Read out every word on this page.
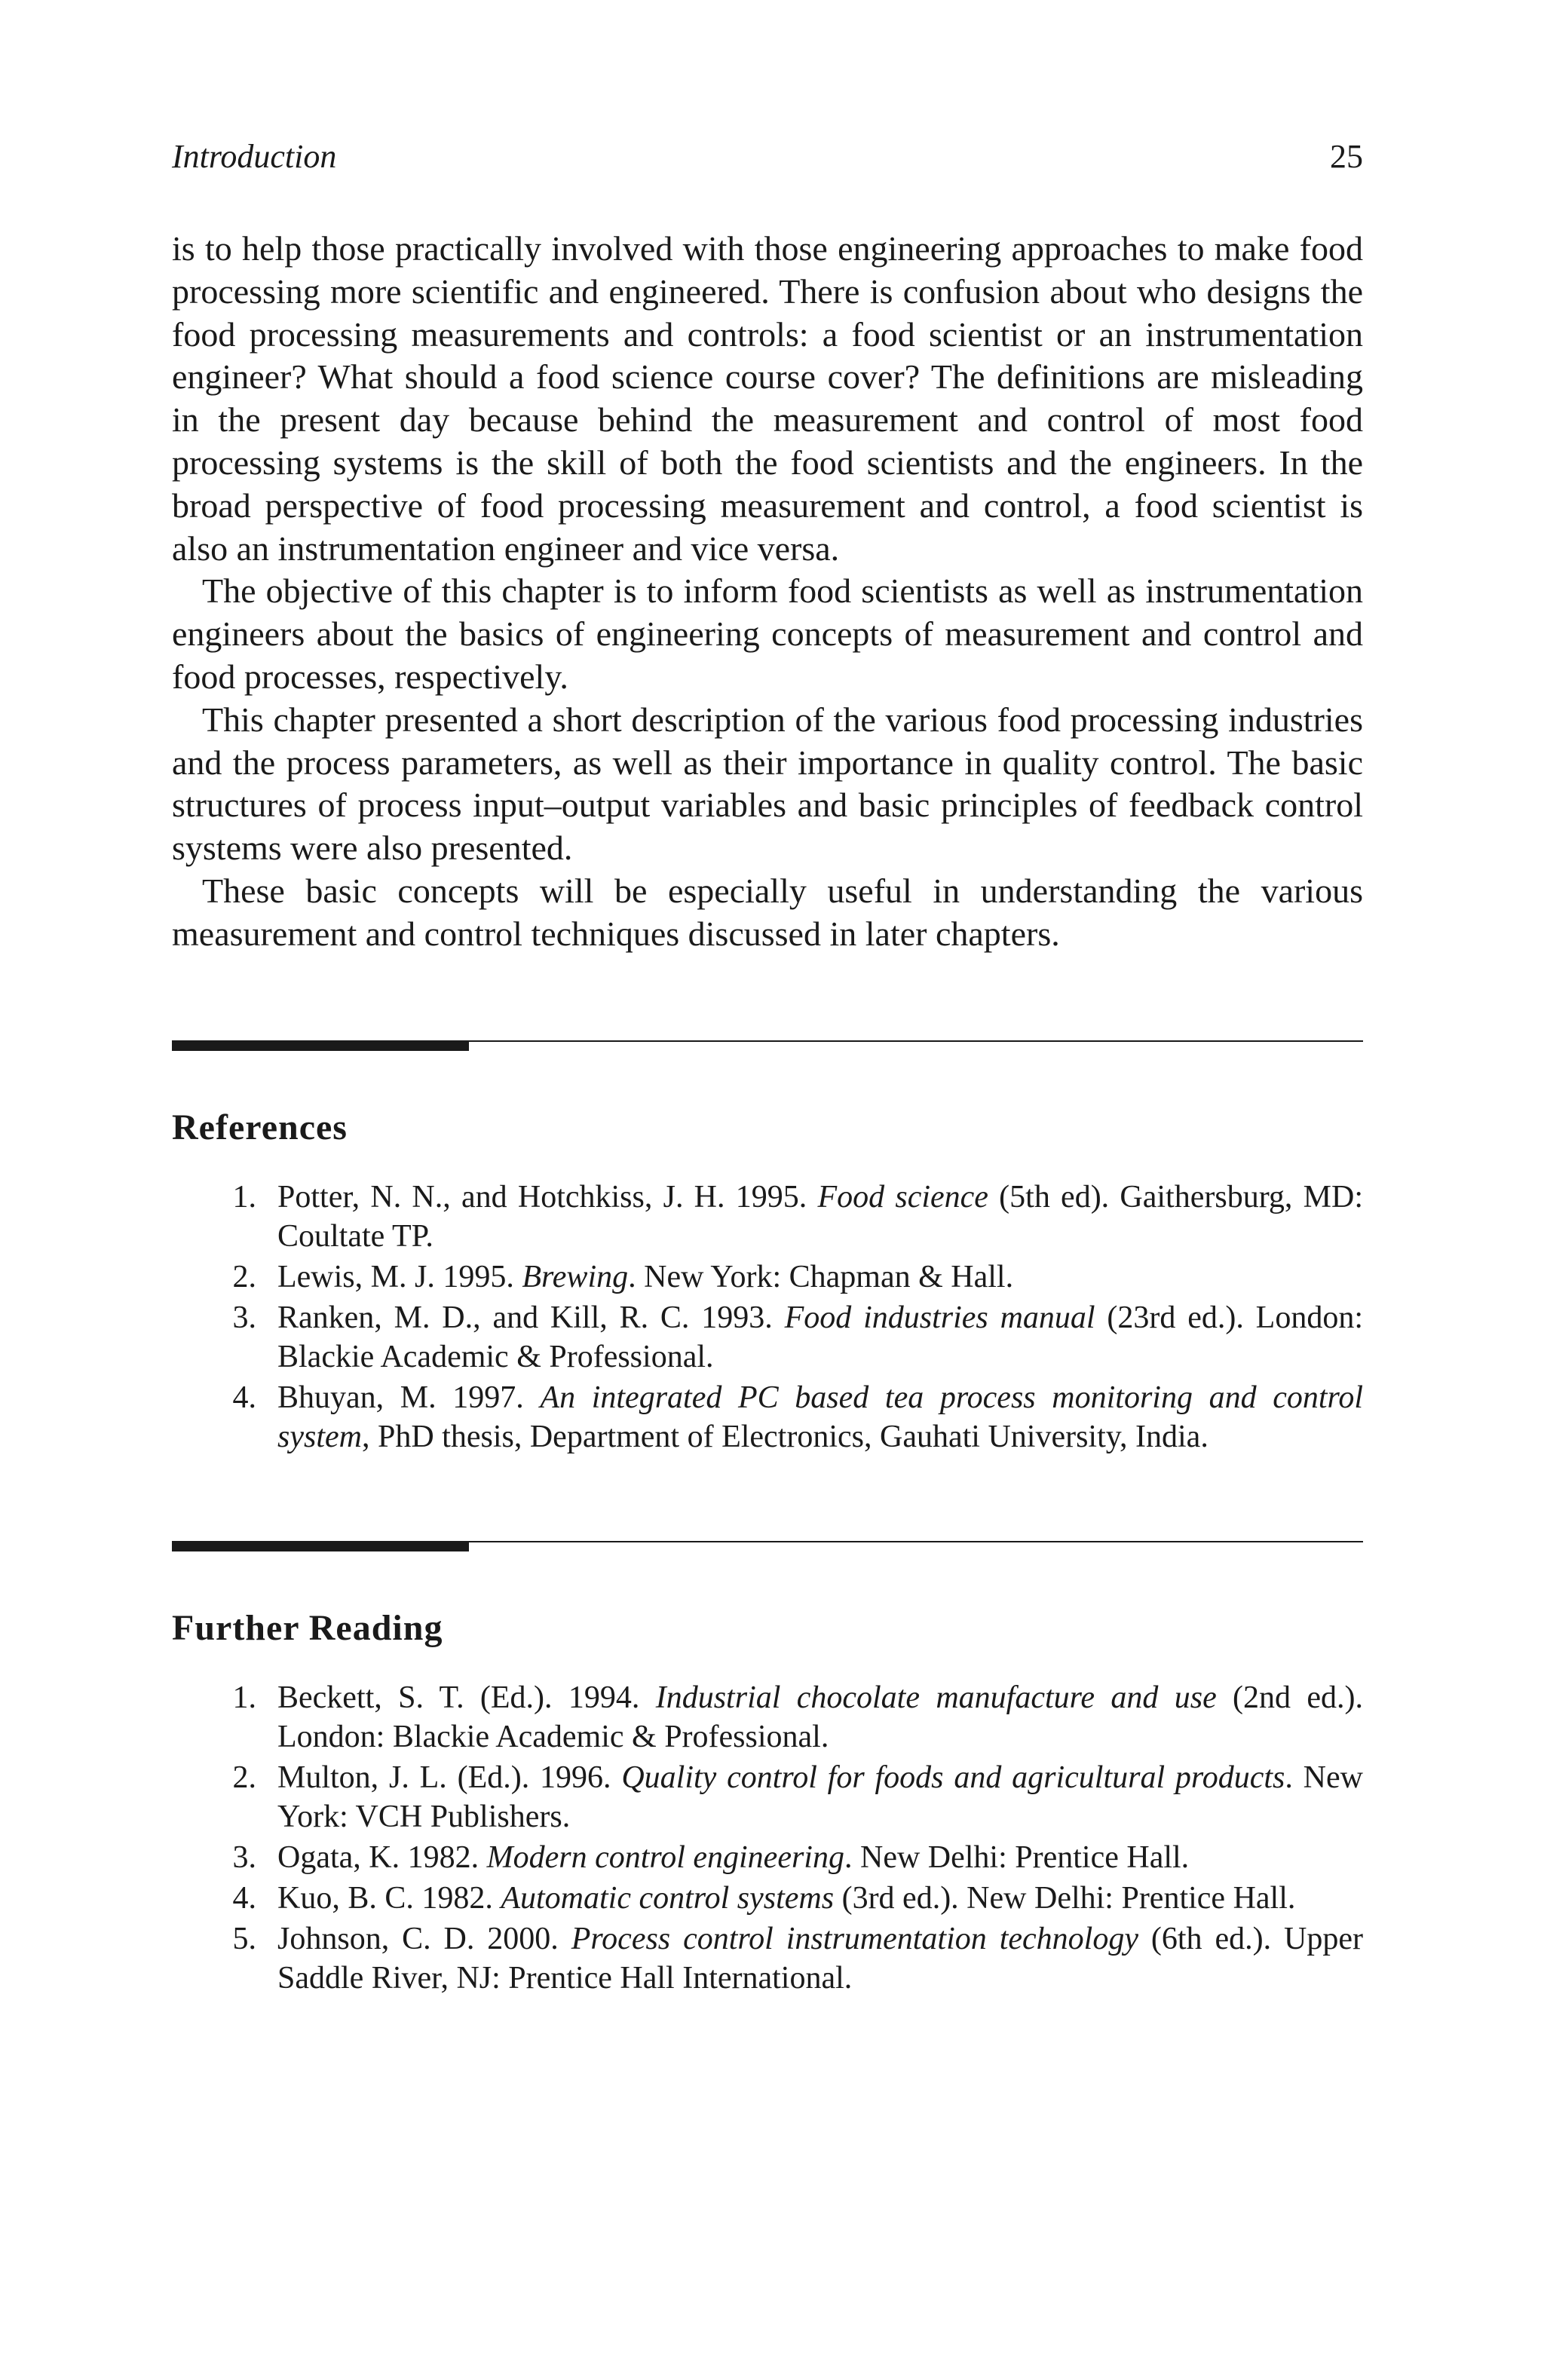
Introduction	25

is to help those practically involved with those engineering approaches to make food processing more scientific and engineered. There is confusion about who designs the food processing measurements and controls: a food scientist or an instrumentation engineer? What should a food science course cover? The definitions are misleading in the present day because behind the measurement and control of most food processing systems is the skill of both the food scientists and the engineers. In the broad perspective of food processing measurement and control, a food scientist is also an instrumentation engineer and vice versa.

The objective of this chapter is to inform food scientists as well as instrumentation engineers about the basics of engineering concepts of measurement and control and food processes, respectively.

This chapter presented a short description of the various food processing industries and the process parameters, as well as their importance in quality control. The basic structures of process input–output variables and basic principles of feedback control systems were also presented.

These basic concepts will be especially useful in understanding the various measurement and control techniques discussed in later chapters.

References
1. Potter, N. N., and Hotchkiss, J. H. 1995. Food science (5th ed). Gaithersburg, MD: Coultate TP.
2. Lewis, M. J. 1995. Brewing. New York: Chapman & Hall.
3. Ranken, M. D., and Kill, R. C. 1993. Food industries manual (23rd ed.). London: Blackie Academic & Professional.
4. Bhuyan, M. 1997. An integrated PC based tea process monitoring and control system, PhD thesis, Department of Electronics, Gauhati University, India.
Further Reading
1. Beckett, S. T. (Ed.). 1994. Industrial chocolate manufacture and use (2nd ed.). London: Blackie Academic & Professional.
2. Multon, J. L. (Ed.). 1996. Quality control for foods and agricultural products. New York: VCH Publishers.
3. Ogata, K. 1982. Modern control engineering. New Delhi: Prentice Hall.
4. Kuo, B. C. 1982. Automatic control systems (3rd ed.). New Delhi: Prentice Hall.
5. Johnson, C. D. 2000. Process control instrumentation technology (6th ed.). Upper Saddle River, NJ: Prentice Hall International.
